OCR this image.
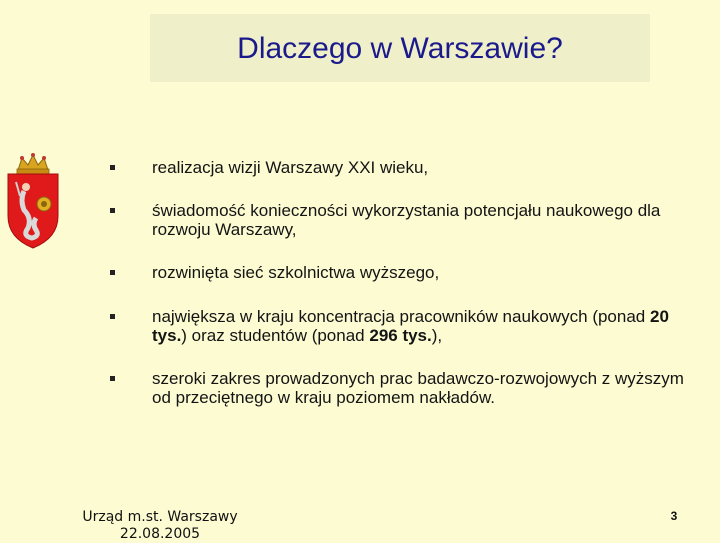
Dlaczego w Warszawie?
realizacja wizji Warszawy XXI wieku,
świadomość konieczności wykorzystania potencjału naukowego dla rozwoju Warszawy,
rozwinięta sieć szkolnictwa wyższego,
największa w kraju koncentracja pracowników naukowych (ponad 20 tys.) oraz studentów (ponad 296 tys.),
szeroki zakres prowadzonych prac badawczo-rozwojowych z wyższym od przeciętnego w kraju poziomem nakładów.
Urząd m.st. Warszawy
22.08.2005
3
